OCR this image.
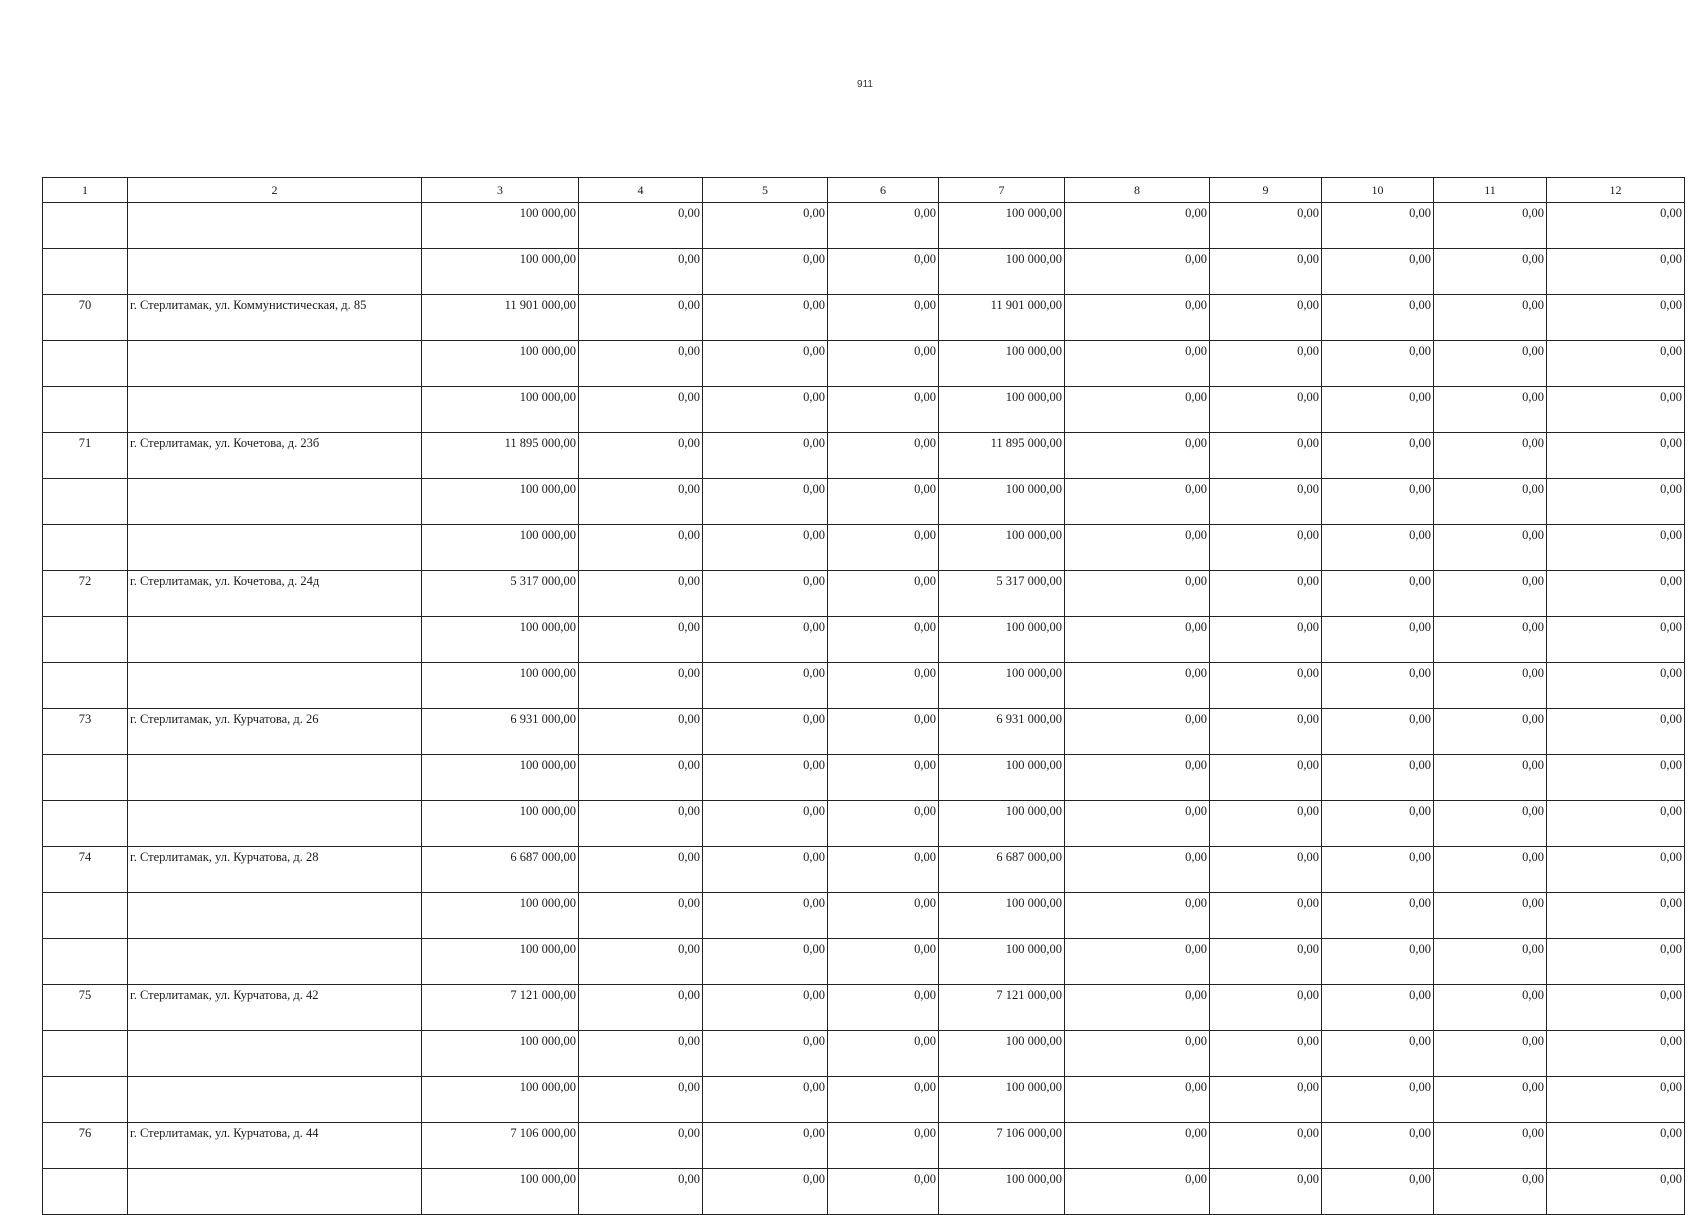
911
1	2	3	4	5	6	7	8	9	10	11	12
		100 000,00	0,00	0,00	0,00	100 000,00	0,00	0,00	0,00	0,00	0,00
		100 000,00	0,00	0,00	0,00	100 000,00	0,00	0,00	0,00	0,00	0,00
70	г. Стерлитамак, ул. Коммунистическая, д. 85	11 901 000,00	0,00	0,00	0,00	11 901 000,00	0,00	0,00	0,00	0,00	0,00
		100 000,00	0,00	0,00	0,00	100 000,00	0,00	0,00	0,00	0,00	0,00
		100 000,00	0,00	0,00	0,00	100 000,00	0,00	0,00	0,00	0,00	0,00
71	г. Стерлитамак, ул. Кочетова, д. 23б	11 895 000,00	0,00	0,00	0,00	11 895 000,00	0,00	0,00	0,00	0,00	0,00
		100 000,00	0,00	0,00	0,00	100 000,00	0,00	0,00	0,00	0,00	0,00
		100 000,00	0,00	0,00	0,00	100 000,00	0,00	0,00	0,00	0,00	0,00
72	г. Стерлитамак, ул. Кочетова, д. 24д	5 317 000,00	0,00	0,00	0,00	5 317 000,00	0,00	0,00	0,00	0,00	0,00
		100 000,00	0,00	0,00	0,00	100 000,00	0,00	0,00	0,00	0,00	0,00
		100 000,00	0,00	0,00	0,00	100 000,00	0,00	0,00	0,00	0,00	0,00
73	г. Стерлитамак, ул. Курчатова, д. 26	6 931 000,00	0,00	0,00	0,00	6 931 000,00	0,00	0,00	0,00	0,00	0,00
		100 000,00	0,00	0,00	0,00	100 000,00	0,00	0,00	0,00	0,00	0,00
		100 000,00	0,00	0,00	0,00	100 000,00	0,00	0,00	0,00	0,00	0,00
74	г. Стерлитамак, ул. Курчатова, д. 28	6 687 000,00	0,00	0,00	0,00	6 687 000,00	0,00	0,00	0,00	0,00	0,00
		100 000,00	0,00	0,00	0,00	100 000,00	0,00	0,00	0,00	0,00	0,00
		100 000,00	0,00	0,00	0,00	100 000,00	0,00	0,00	0,00	0,00	0,00
75	г. Стерлитамак, ул. Курчатова, д. 42	7 121 000,00	0,00	0,00	0,00	7 121 000,00	0,00	0,00	0,00	0,00	0,00
		100 000,00	0,00	0,00	0,00	100 000,00	0,00	0,00	0,00	0,00	0,00
		100 000,00	0,00	0,00	0,00	100 000,00	0,00	0,00	0,00	0,00	0,00
76	г. Стерлитамак, ул. Курчатова, д. 44	7 106 000,00	0,00	0,00	0,00	7 106 000,00	0,00	0,00	0,00	0,00	0,00
		100 000,00	0,00	0,00	0,00	100 000,00	0,00	0,00	0,00	0,00	0,00
